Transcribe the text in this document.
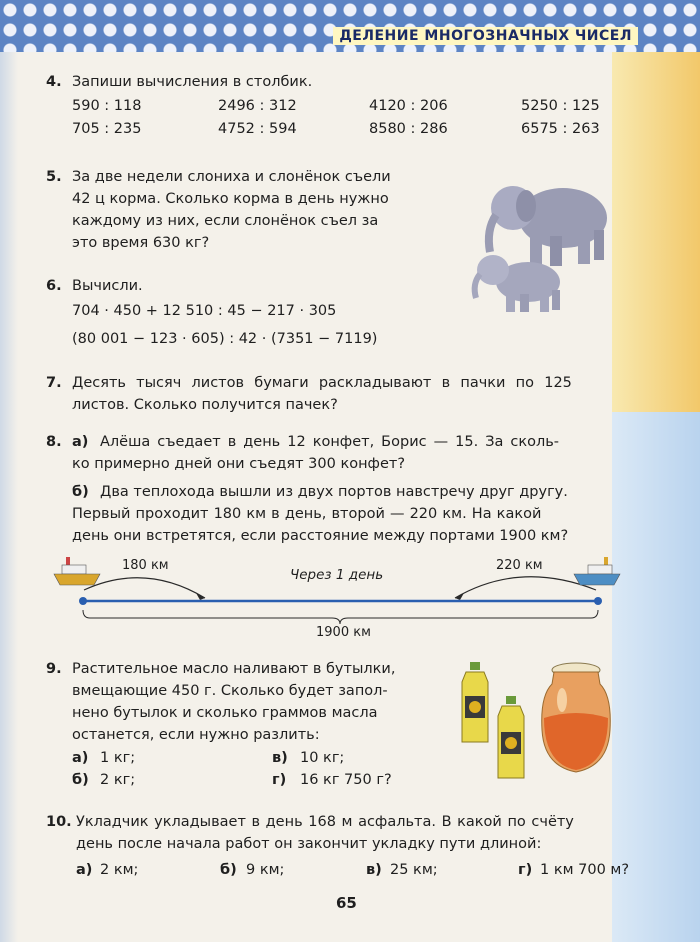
ДЕЛЕНИЕ МНОГОЗНАЧНЫХ ЧИСЕЛ
4. Запиши вычисления в столбик.
590 : 118	2496 : 312	4120 : 206	5250 : 125
705 : 235	4752 : 594	8580 : 286	6575 : 263
5. За две недели слониха и слонёнок съели
42 ц корма. Сколько корма в день нужно
каждому из них, если слонёнок съел за
это время 630 кг?
6. Вычисли.
704 · 450 + 12 510 : 45 − 217 · 305
(80 001 − 123 · 605) : 42 · (7351 − 7119)
7. Десять тысяч листов бумаги раскладывают в пачки по 125
листов. Сколько получится пачек?
8. а) Алёша съедает в день 12 конфет, Борис — 15. За сколь-
ко примерно дней они съедят 300 конфет?
б) Два теплохода вышли из двух портов навстречу друг другу.
Первый проходит 180 км в день, второй — 220 км. На какой
день они встретятся, если расстояние между портами 1900 км?
180 км	220 км
Через 1 день
1900 км
9. Растительное масло наливают в бутылки,
вмещающие 450 г. Сколько будет запол-
нено бутылок и сколько граммов масла
останется, если нужно разлить:
а) 1 кг;	в) 10 кг;
б) 2 кг;	г) 16 кг 750 г?
10. Укладчик укладывает в день 168 м асфальта. В какой по счёту
день после начала работ он закончит укладку пути длиной:
а) 2 км;	б) 9 км;	в) 25 км;	г) 1 км 700 м?
65
